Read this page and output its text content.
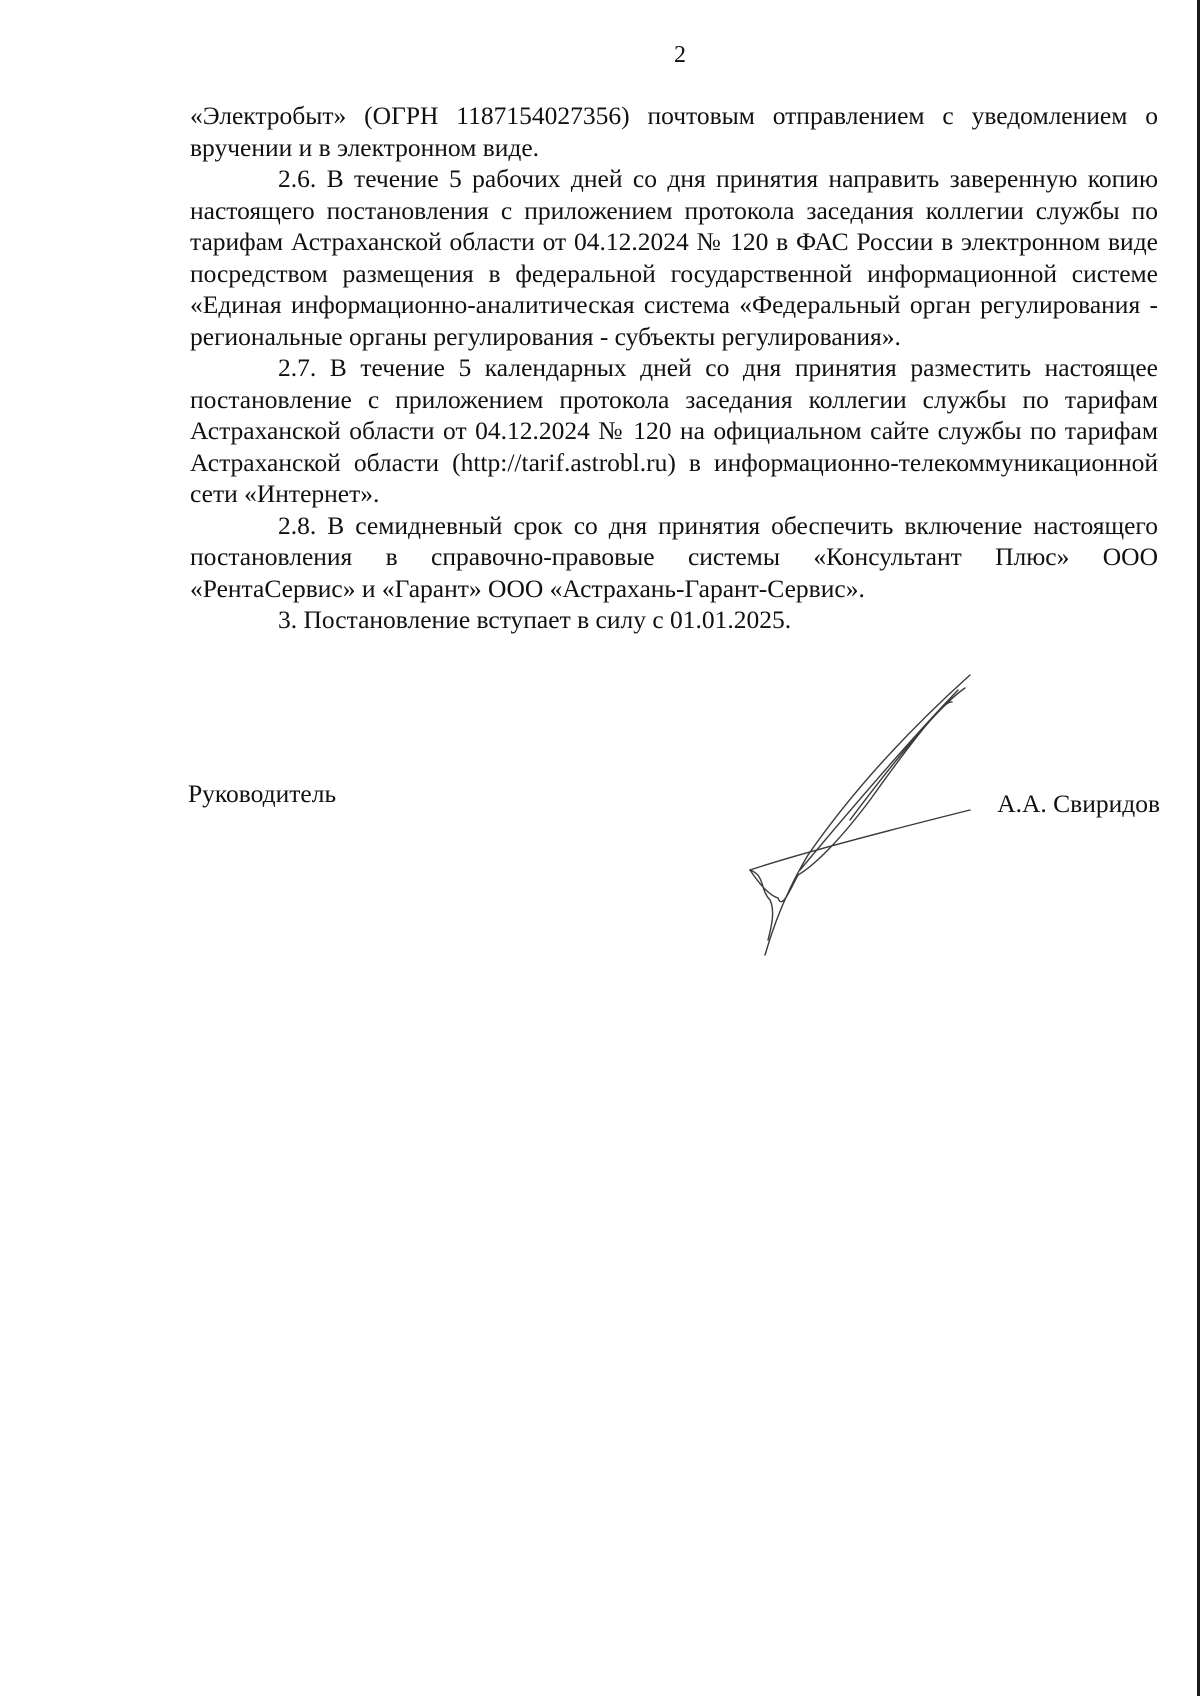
2

«Электробыт» (ОГРН 1187154027356) почтовым отправлением с уведомлением о вручении и в электронном виде.

2.6. В течение 5 рабочих дней со дня принятия направить заверенную копию настоящего постановления с приложением протокола заседания коллегии службы по тарифам Астраханской области от 04.12.2024 № 120 в ФАС России в электронном виде посредством размещения в федеральной государственной информационной системе «Единая информационно-аналитическая система «Федеральный орган регулирования - региональные органы регулирования - субъекты регулирования».

2.7. В течение 5 календарных дней со дня принятия разместить настоящее постановление с приложением протокола заседания коллегии службы по тарифам Астраханской области от 04.12.2024 № 120 на официальном сайте службы по тарифам Астраханской области (http://tarif.astrobl.ru) в информационно-телекоммуникационной сети «Интернет».

2.8. В семидневный срок со дня принятия обеспечить включение настоящего постановления в справочно-правовые системы «Консультант Плюс» ООО «РентаСервис» и «Гарант» ООО «Астрахань-Гарант-Сервис».

3. Постановление вступает в силу с 01.01.2025.

Руководитель	А.А. Свиридов
